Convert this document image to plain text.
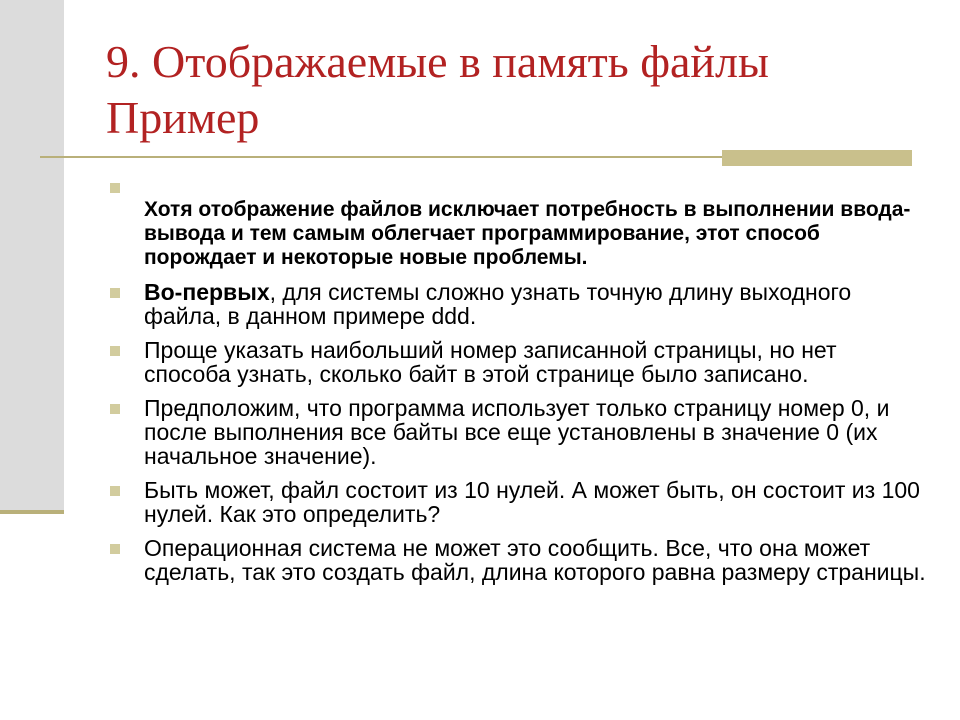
9. Отображаемые в память файлы
Пример
Хотя отображение файлов исключает потребность в выполнении ввода-вывода и тем самым облегчает программирование, этот способ порождает и некоторые новые проблемы.
Во-первых, для системы сложно узнать точную длину выходного файла, в данном примере ddd.
Проще указать наибольший номер записанной страницы, но нет способа узнать, сколько байт в этой странице было записано.
Предположим, что программа использует только страницу номер 0, и после выполнения все байты все еще установлены в значение 0 (их начальное значение).
Быть может, файл состоит из 10 нулей. А может быть, он состоит из 100 нулей. Как это определить?
Операционная система не может это сообщить. Все, что она может сделать, так это создать файл, длина которого равна размеру страницы.
